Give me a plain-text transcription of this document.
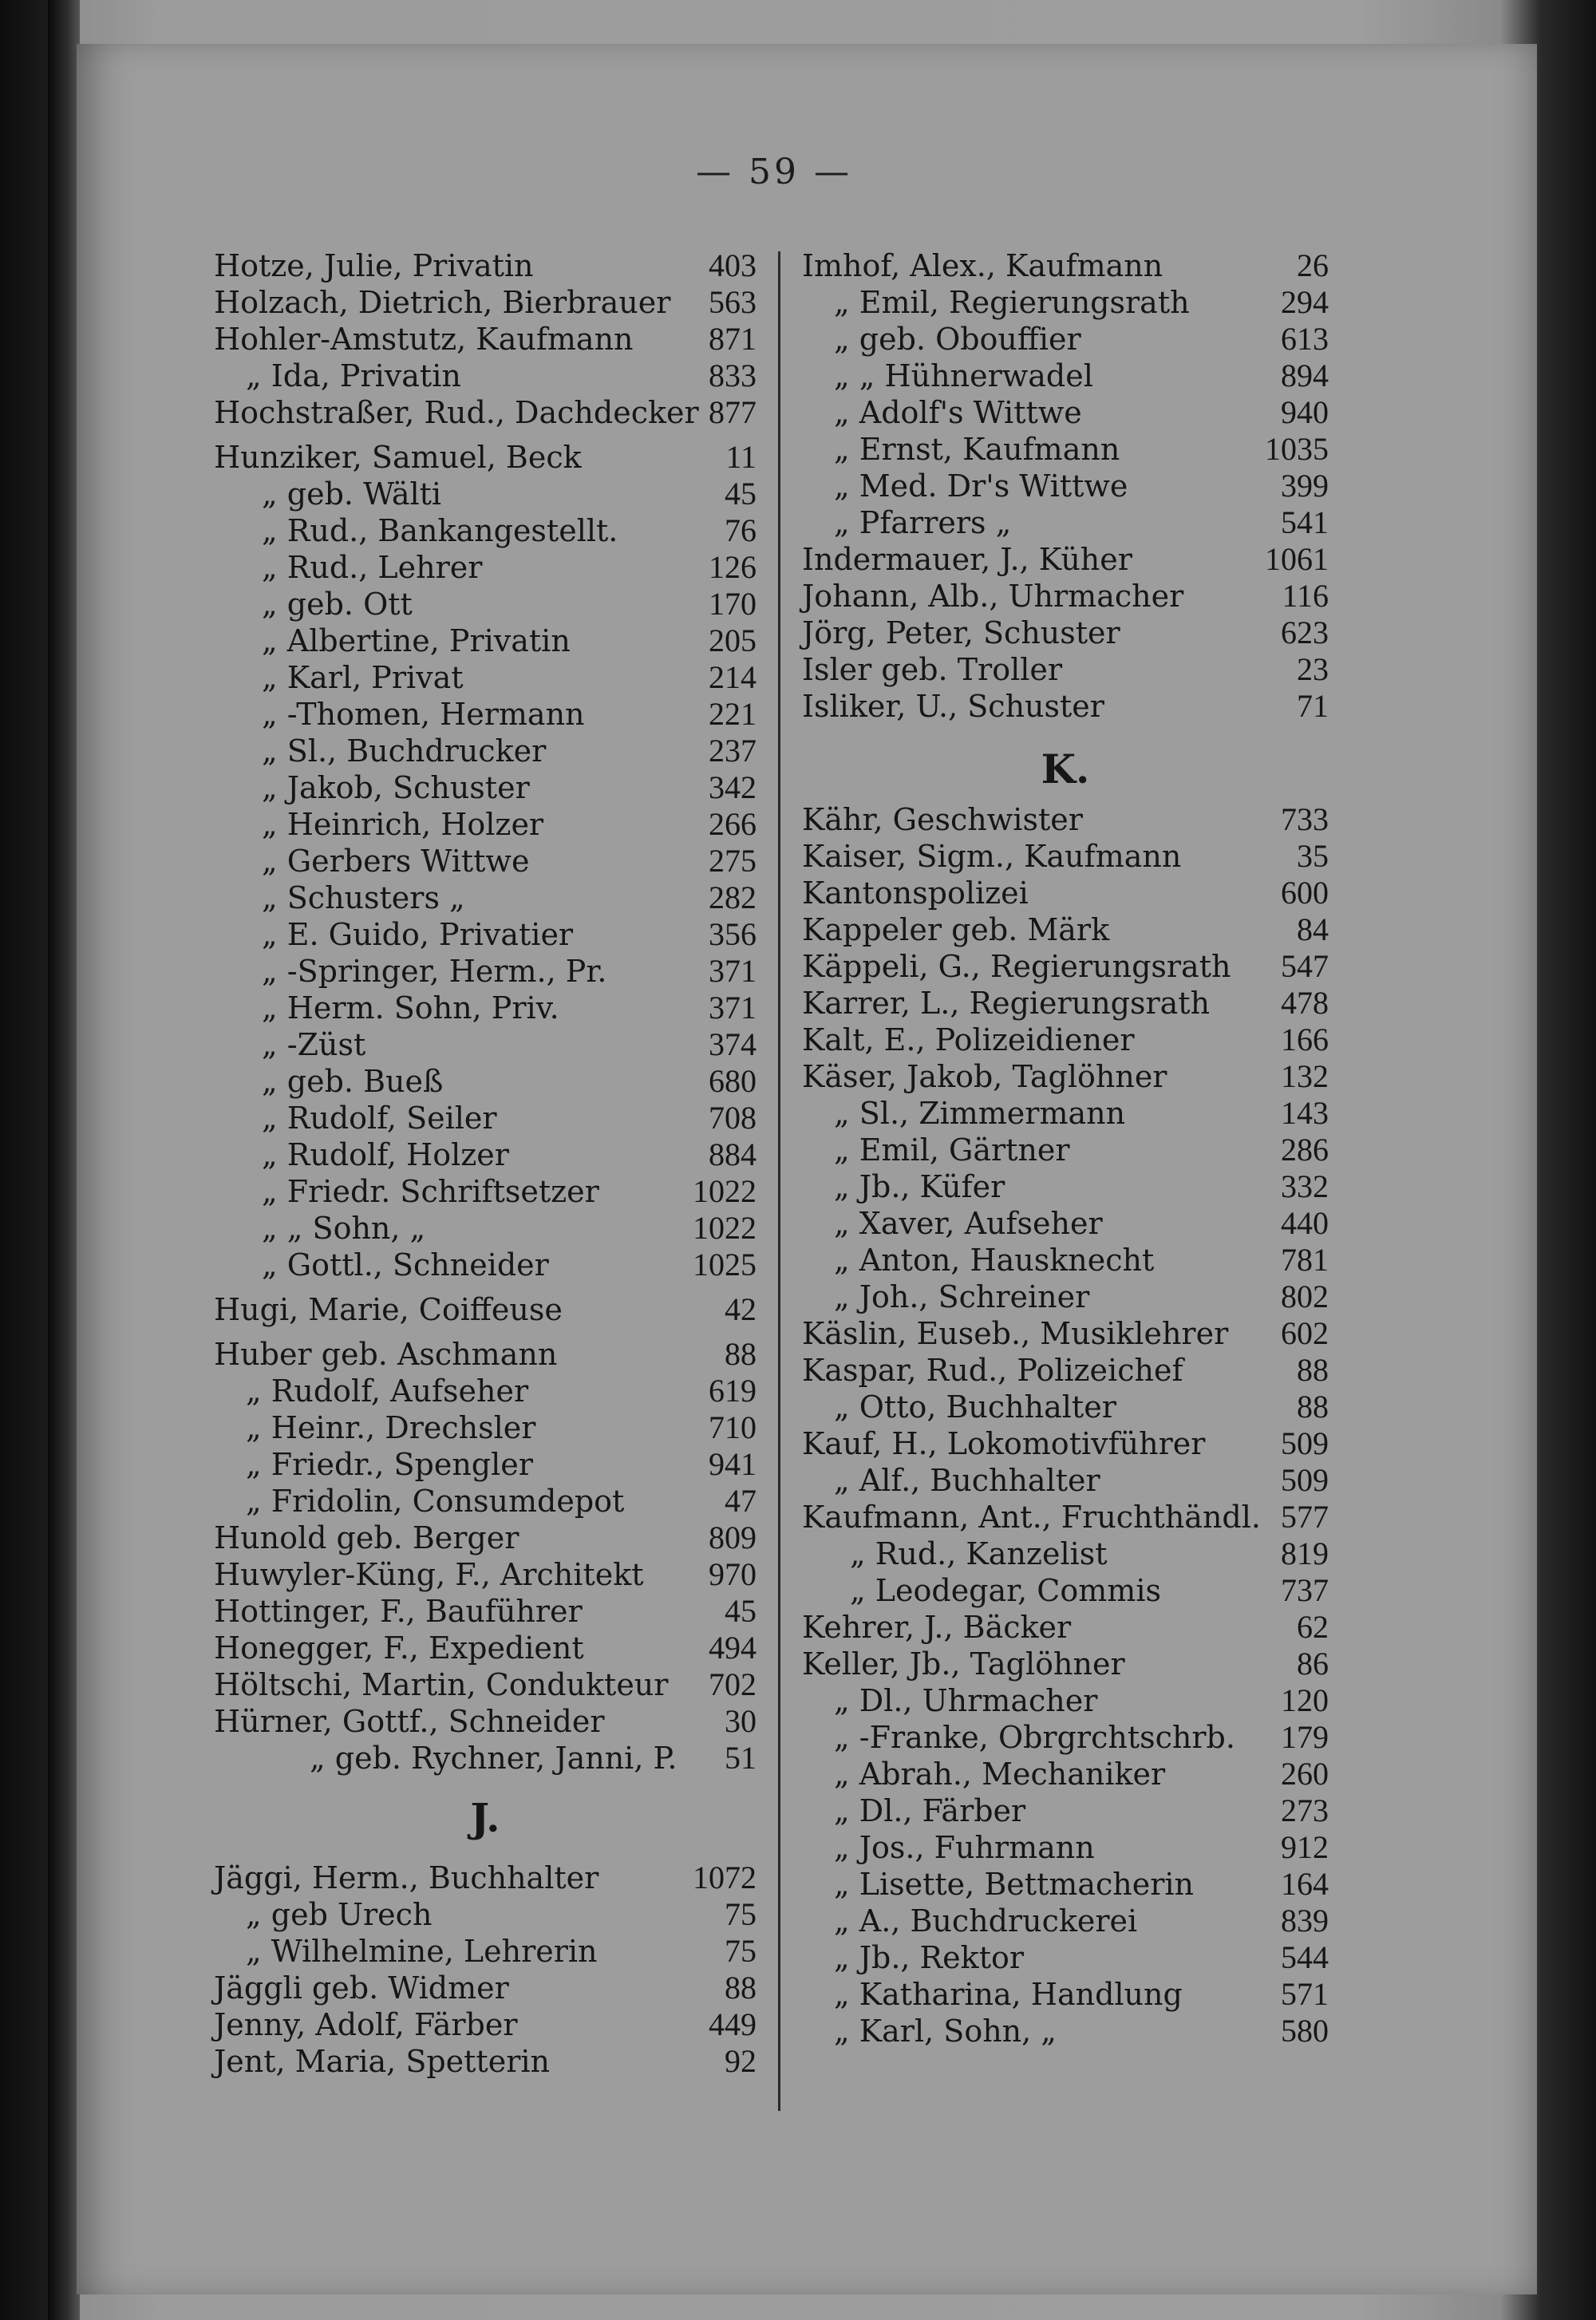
— 59 —
Hotze, Julie, Privatin	403
Holzach, Dietrich, Bierbrauer 563
Hohler-Amstutz, Kaufmann 871
„ Ida, Privatin	833
Hochstraßer, Rud., Dachdecker 877
Hunziker, Samuel, Beck	11
„ geb. Wälti	45
„ Rud., Bankangestellt.	76
„ Rud., Lehrer	126
„ geb. Ott	170
„ Albertine, Privatin	205
„ Karl, Privat	214
„ -Thomen, Hermann	221
„ Sl., Buchdrucker	237
„ Jakob, Schuster	342
„ Heinrich, Holzer	266
„ Gerbers Wittwe	275
„ Schusters „	282
„ E. Guido, Privatier	356
„ -Springer, Herm., Pr.	371
„ Herm. Sohn, Priv.	371
„ -Züst	374
„ geb. Bueß	680
„ Rudolf, Seiler	708
„ Rudolf, Holzer	884
„ Friedr. Schriftsetzer	1022
„ „ Sohn, „	1022
„ Gottl., Schneider	1025
Hugi, Marie, Coiffeuse	42
Huber geb. Aschmann	88
„ Rudolf, Aufseher	619
„ Heinr., Drechsler	710
„ Friedr., Spengler	941
„ Fridolin, Consumdepot	47
Hunold geb. Berger	809
Huwyler-Küng, F., Architekt 970
Hottinger, F., Bauführer	45
Honegger, F., Expedient	494
Höltschi, Martin, Condukteur 702
Hürner, Gottf., Schneider	30
„ geb. Rychner, Janni, P. 51
J.
Jäggi, Herm., Buchhalter	1072
„ geb Urech	75
„ Wilhelmine, Lehrerin	75
Jäggli geb. Widmer	88
Jenny, Adolf, Färber	449
Jent, Maria, Spetterin	92
Imhof, Alex., Kaufmann	26
„ Emil, Regierungsrath	294
„ geb. Obouffier	613
„ „ Hühnerwadel	894
„ Adolf's Wittwe	940
„ Ernst, Kaufmann	1035
„ Med. Dr's Wittwe	399
„ Pfarrers „	541
Indermauer, J., Küher	1061
Johann, Alb., Uhrmacher	116
Jörg, Peter, Schuster	623
Isler geb. Troller	23
Isliker, U., Schuster	71
K.
Kähr, Geschwister	733
Kaiser, Sigm., Kaufmann	35
Kantonspolizei	600
Kappeler geb. Märk	84
Käppeli, G., Regierungsrath 547
Karrer, L., Regierungsrath 478
Kalt, E., Polizeidiener	166
Käser, Jakob, Taglöhner	132
„ Sl., Zimmermann	143
„ Emil, Gärtner	286
„ Jb., Küfer	332
„ Xaver, Aufseher	440
„ Anton, Hausknecht	781
„ Joh., Schreiner	802
Käslin, Euseb., Musiklehrer 602
Kaspar, Rud., Polizeichef	88
„ Otto, Buchhalter	88
Kauf, H., Lokomotivführer 509
„ Alf., Buchhalter	509
Kaufmann, Ant., Fruchthändl. 577
„ Rud., Kanzelist	819
„ Leodegar, Commis	737
Kehrer, J., Bäcker	62
Keller, Jb., Taglöhner	86
„ Dl., Uhrmacher	120
„ -Franke, Obrgrchtschrb. 179
„ Abrah., Mechaniker	260
„ Dl., Färber	273
„ Jos., Fuhrmann	912
„ Lisette, Bettmacherin	164
„ A., Buchdruckerei	839
„ Jb., Rektor	544
„ Katharina, Handlung	571
„ Karl, Sohn, „	580
